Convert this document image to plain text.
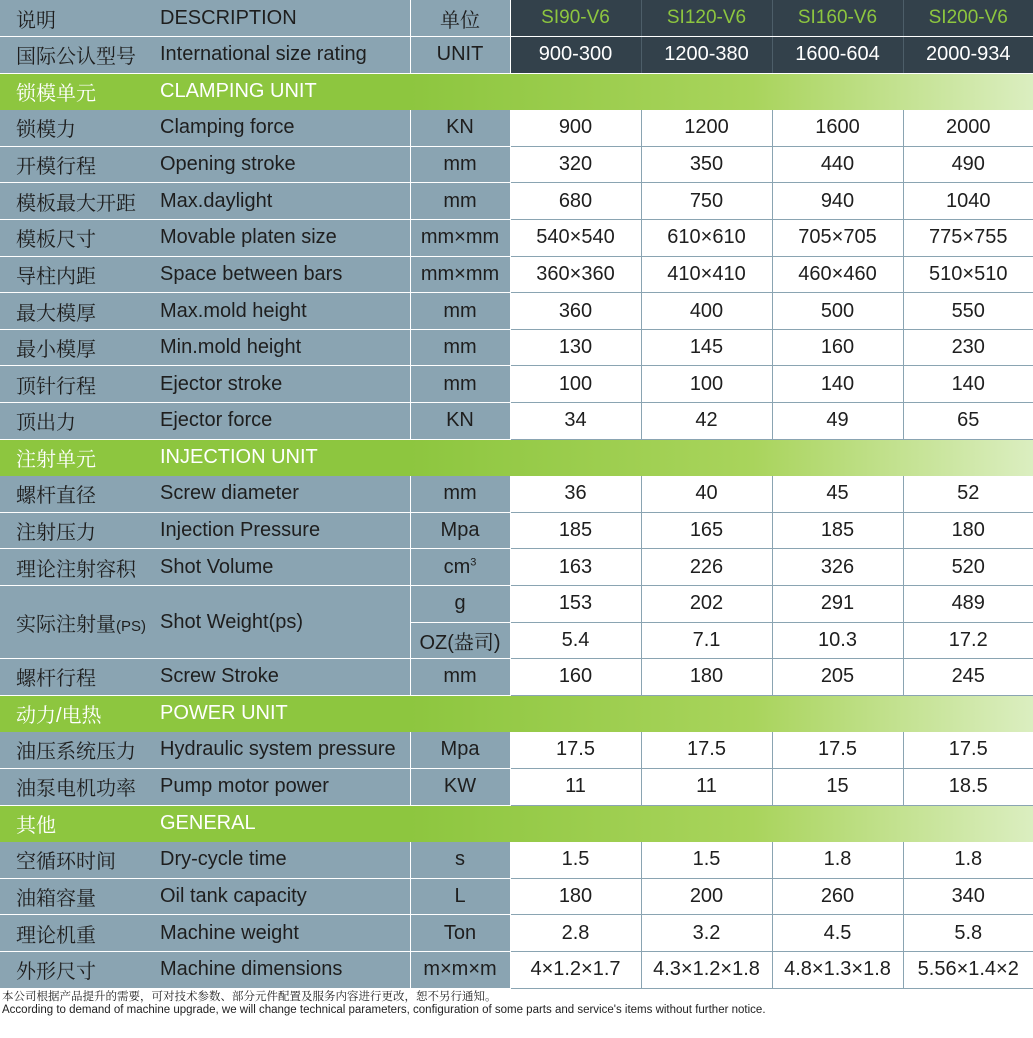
说明	DESCRIPTION	单位	SI90-V6	SI120-V6	SI160-V6	SI200-V6
国际公认型号	International size rating	UNIT	900-300	1200-380	1600-604	2000-934
锁模单元	CLAMPING UNIT					
锁模力	Clamping force	KN	900	1200	1600	2000
开模行程	Opening stroke	mm	320	350	440	490
模板最大开距	Max.daylight	mm	680	750	940	1040
模板尺寸	Movable platen size	mm×mm	540×540	610×610	705×705	775×755
导柱内距	Space between bars	mm×mm	360×360	410×410	460×460	510×510
最大模厚	Max.mold height	mm	360	400	500	550
最小模厚	Min.mold height	mm	130	145	160	230
顶针行程	Ejector stroke	mm	100	100	140	140
顶出力	Ejector force	KN	34	42	49	65
注射单元	INJECTION UNIT					
螺杆直径	Screw diameter	mm	36	40	45	52
注射压力	Injection Pressure	Mpa	185	165	185	180
理论注射容积	Shot Volume	$cm^3$	163	226	326	520
实际注射量(PS)	Shot Weight(ps)	g	153	202	291	489
		OZ(盎司)	5.4	7.1	10.3	17.2
螺杆行程	Screw Stroke	mm	160	180	205	245
动力/电热	POWER UNIT					
油压系统压力	Hydraulic system pressure	Mpa	17.5	17.5	17.5	17.5
油泵电机功率	Pump motor power	KW	11	11	15	18.5
其他	GENERAL					
空循环时间	Dry-cycle time	s	1.5	1.5	1.8	1.8
油箱容量	Oil tank capacity	L	180	200	260	340
理论机重	Machine weight	Ton	2.8	3.2	4.5	5.8
外形尺寸	Machine dimensions	m×m×m	4×1.2×1.7	4.3×1.2×1.8	4.8×1.3×1.8	5.56×1.4×2
本公司根据产品提升的需要，可对技术参数、部分元件配置及服务内容进行更改，恕不另行通知。
According to demand of machine upgrade, we will change technical parameters, configuration of some parts and service's items without further notice.
